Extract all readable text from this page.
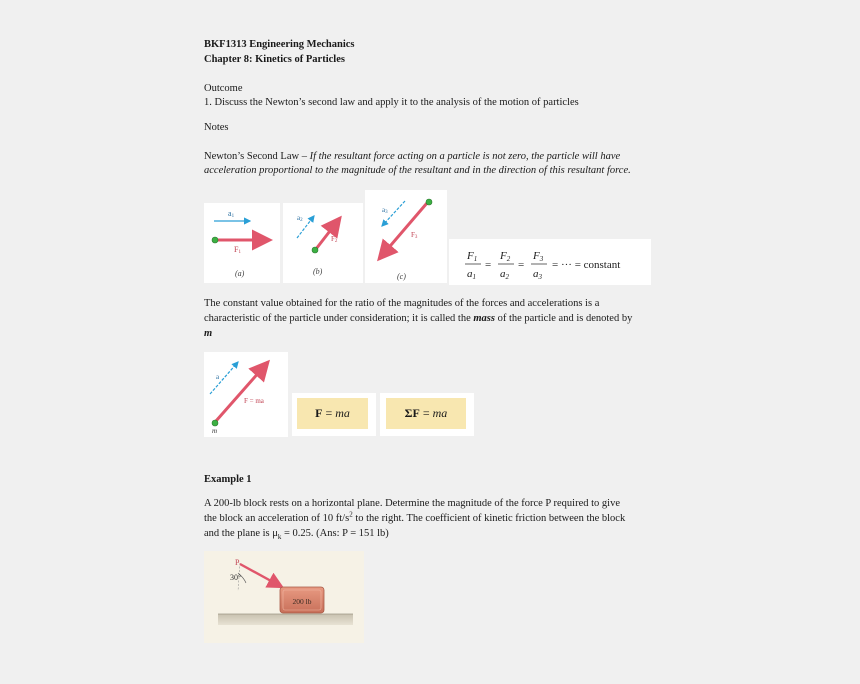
BKF1313 Engineering Mechanics
Chapter 8: Kinetics of Particles
Outcome
1. Discuss the Newton’s second law and apply it to the analysis of the motion of particles
Notes
Newton’s Second Law – If the resultant force acting on a particle is not zero, the particle will have
acceleration proportional to the magnitude of the resultant and in the direction of this resultant force.
a1
F1
(a)
a2
F2
(b)
a3
F3
(c)
F1
a1
=
F2
a2
=
F3
a3
= ··· = constant
The constant value obtained for the ratio of the magnitudes of the forces and accelerations is a
characteristic of the particle under consideration; it is called the mass of the particle and is denoted by
m
a
F = ma
m
F = ma	ΣF = ma
Example 1
A 200-lb block rests on a horizontal plane. Determine the magnitude of the force P required to give
the block an acceleration of 10 $ft/s^2$ to the right. The coefficient of kinetic friction between the block
and the plane is $\mu_k = 0.25$. (Ans: P = 151 lb)
P
30°
200 lb
